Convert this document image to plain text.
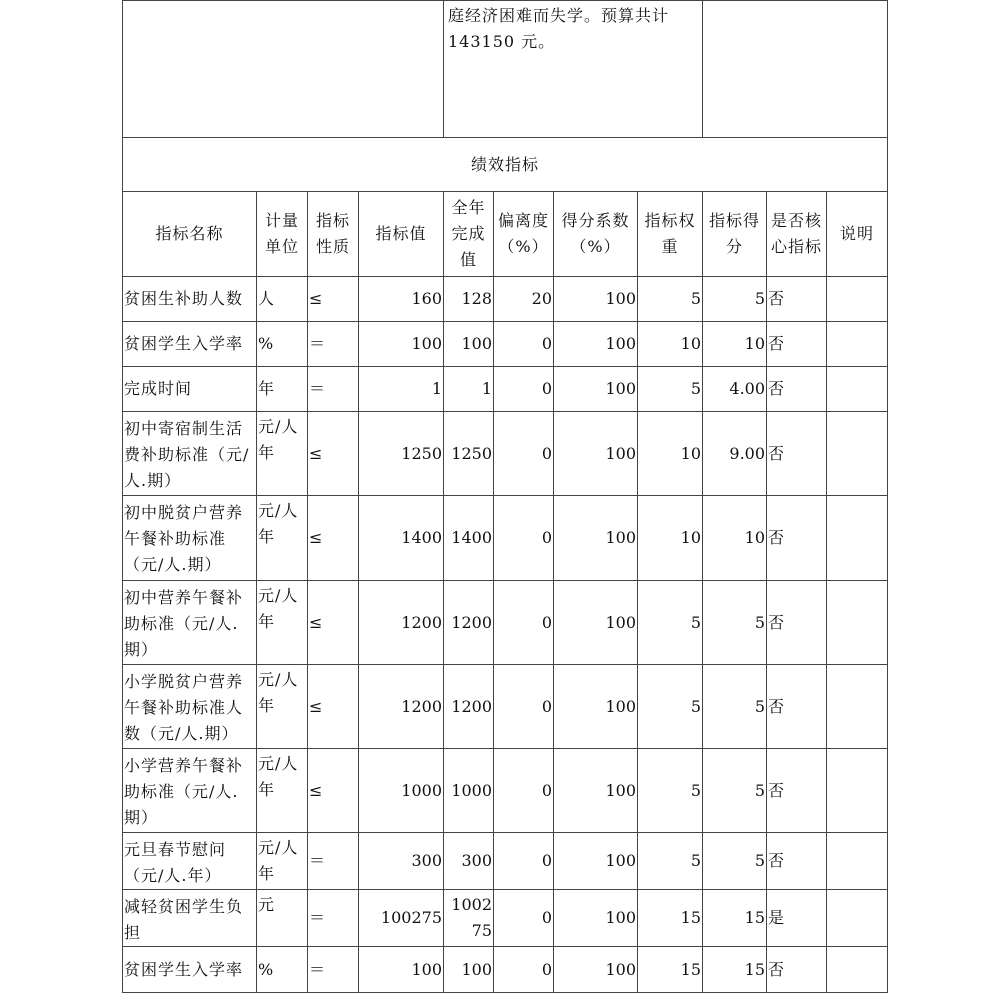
				庭经济困难而失学。预算共计
143150 元。						

绩效指标										
指标名称	计量单位	指标性质	指标值	全年完成值	偏离度（%）	得分系数（%）	指标权重	指标得分	是否核心指标	说明
贫困生补助人数	人	≤	160	128	20	100	5	5	否	
贫困学生入学率	%	＝	100	100	0	100	10	10	否	
完成时间	年	＝	1	1	0	100	5	4.00	否	
初中寄宿制生活费补助标准（元/人.期）	元/人年	≤	1250	1250	0	100	10	9.00	否	
初中脱贫户营养午餐补助标准（元/人.期）	元/人年	≤	1400	1400	0	100	10	10	否	
初中营养午餐补助标准（元/人.期）	元/人年	≤	1200	1200	0	100	5	5	否	
小学脱贫户营养午餐补助标准人数（元/人.期）	元/人年	≤	1200	1200	0	100	5	5	否	
小学营养午餐补助标准（元/人.期）	元/人年	≤	1000	1000	0	100	5	5	否	
元旦春节慰问（元/人.年）	元/人年	＝	300	300	0	100	5	5	否	
减轻贫困学生负担	元	＝	100275	100275	0	100	15	15	是	
贫困学生入学率	%	＝	100	100	0	100	15	15	否	
